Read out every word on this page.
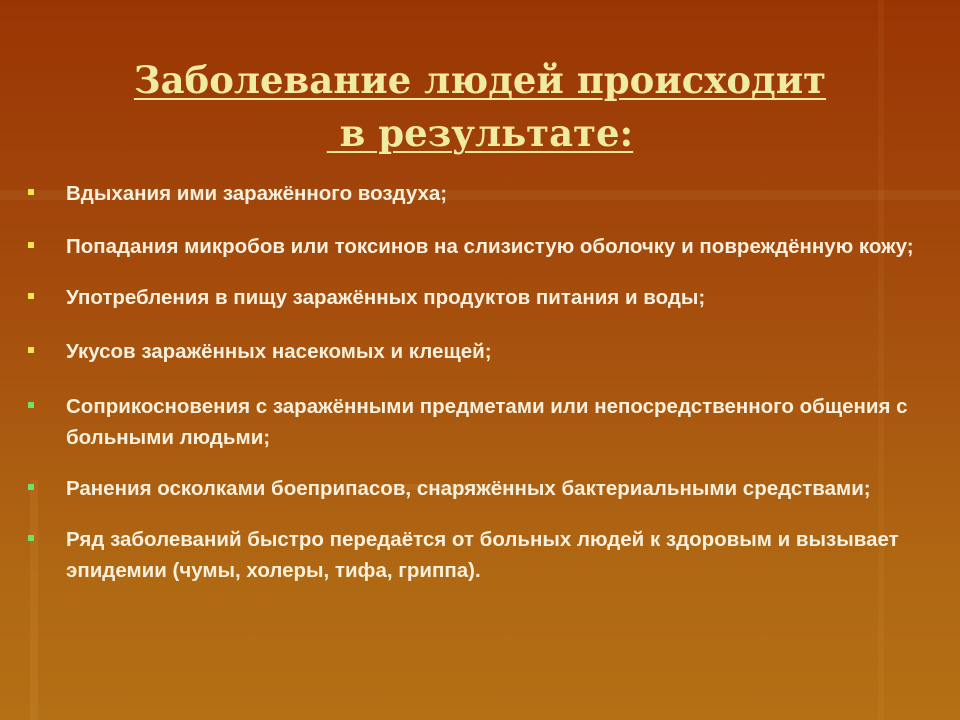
Заболевание людей происходит
в результате:
Вдыхания ими заражённого воздуха;
Попадания микробов или токсинов на слизистую оболочку и повреждённую кожу;
Употребления в пищу заражённых продуктов питания и воды;
Укусов заражённых насекомых и клещей;
Соприкосновения с заражёнными предметами или непосредственного общения с больными людьми;
Ранения осколками боеприпасов, снаряжённых бактериальными средствами;
Ряд заболеваний быстро передаётся от больных людей к здоровым и вызывает эпидемии (чумы, холеры, тифа, гриппа).
